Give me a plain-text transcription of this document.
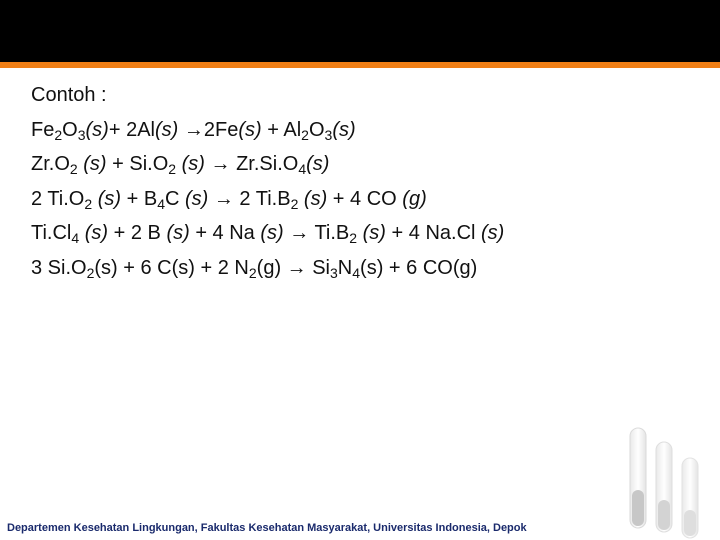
Contoh :
$Fe_2O_3(s)+ 2Al(s) \to 2Fe(s) + Al_2O_3(s)$
$Zr.O_2$ $(s) + Si.O_2$ $(s) \to Zr.Si.O_4(s)$
2 $Ti.O_2$ $(s) + B_4C$ (s) → 2 $Ti.B_2$ (s) + 4 CO (g)
$Ti.Cl_4$ (s) + 2 B (s) + 4 Na $(s) \to Ti.B_2$ (s) + 4 Na.Cl (s)
3 $Si.O_2(s) + 6$ C(s) + 2 $N_2(g) \to Si_3N_4(s) + 6$ CO(g)
Departemen Kesehatan Lingkungan, Fakultas Kesehatan Masyarakat, Universitas Indonesia, Depok
